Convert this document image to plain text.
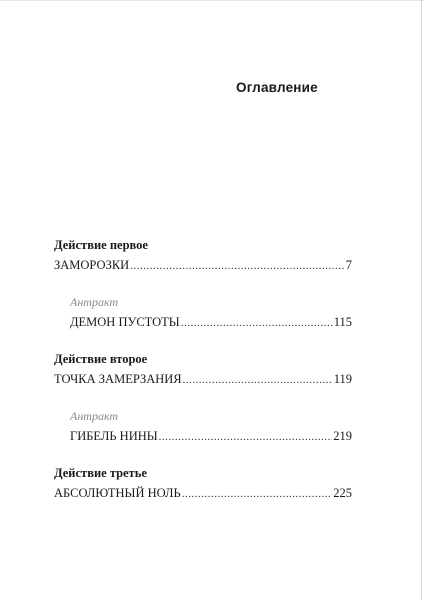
Оглавление
Действие первое
ЗАМОРОЗКИ .....	7
Антракт
ДЕМОН ПУСТОТЫ .....	115
Действие второе
ТОЧКА ЗАМЕРЗАНИЯ .....	119
Антракт
ГИБЕЛЬ НИНЫ .....	219
Действие третье
АБСОЛЮТНЫЙ НОЛЬ .....	225
